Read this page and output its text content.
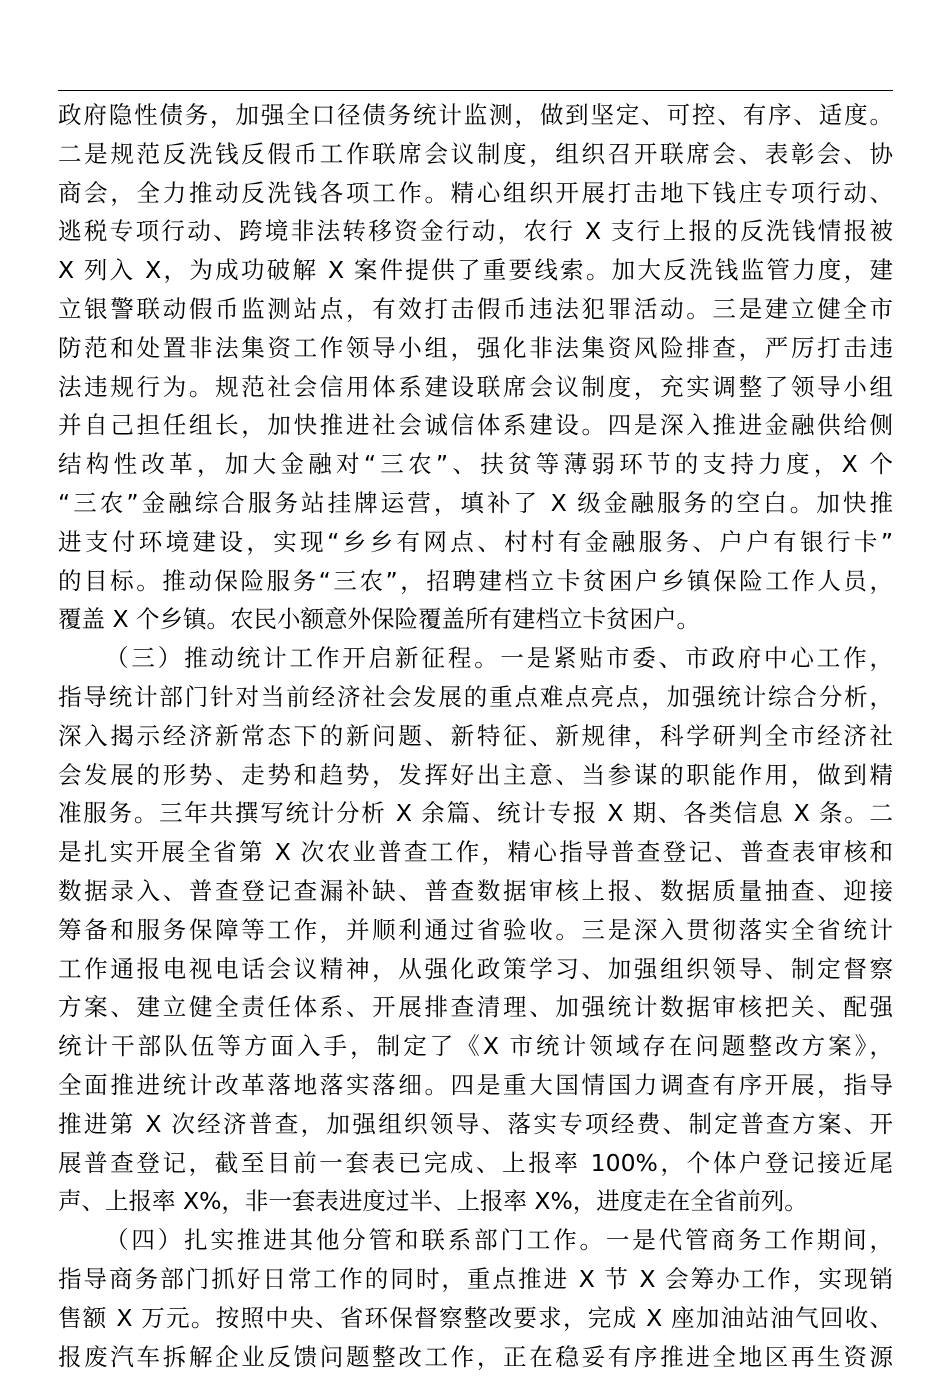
政府隐性债务，加强全口径债务统计监测，做到坚定、可控、有序、适度。
二是规范反洗钱反假币工作联席会议制度，组织召开联席会、表彰会、协
商会，全力推动反洗钱各项工作。精心组织开展打击地下钱庄专项行动、
逃税专项行动、跨境非法转移资金行动，农行 X 支行上报的反洗钱情报被
X 列入 X，为成功破解 X 案件提供了重要线索。加大反洗钱监管力度，建
立银警联动假币监测站点，有效打击假币违法犯罪活动。三是建立健全市
防范和处置非法集资工作领导小组，强化非法集资风险排查，严厉打击违
法违规行为。规范社会信用体系建设联席会议制度，充实调整了领导小组
并自己担任组长，加快推进社会诚信体系建设。四是深入推进金融供给侧
结构性改革，加大金融对“三农”、扶贫等薄弱环节的支持力度，X 个
“三农”金融综合服务站挂牌运营，填补了 X 级金融服务的空白。加快推
进支付环境建设，实现“乡乡有网点、村村有金融服务、户户有银行卡”
的目标。推动保险服务“三农”，招聘建档立卡贫困户乡镇保险工作人员，
覆盖 X 个乡镇。农民小额意外保险覆盖所有建档立卡贫困户。
（三）推动统计工作开启新征程。一是紧贴市委、市政府中心工作，
指导统计部门针对当前经济社会发展的重点难点亮点，加强统计综合分析，
深入揭示经济新常态下的新问题、新特征、新规律，科学研判全市经济社
会发展的形势、走势和趋势，发挥好出主意、当参谋的职能作用，做到精
准服务。三年共撰写统计分析 X 余篇、统计专报 X 期、各类信息 X 条。二
是扎实开展全省第 X 次农业普查工作，精心指导普查登记、普查表审核和
数据录入、普查登记查漏补缺、普查数据审核上报、数据质量抽查、迎接
筹备和服务保障等工作，并顺利通过省验收。三是深入贯彻落实全省统计
工作通报电视电话会议精神，从强化政策学习、加强组织领导、制定督察
方案、建立健全责任体系、开展排查清理、加强统计数据审核把关、配强
统计干部队伍等方面入手，制定了《X 市统计领域存在问题整改方案》，
全面推进统计改革落地落实落细。四是重大国情国力调查有序开展，指导
推进第 X 次经济普查，加强组织领导、落实专项经费、制定普查方案、开
展普查登记，截至目前一套表已完成、上报率 100%，个体户登记接近尾
声、上报率 X%，非一套表进度过半、上报率 X%，进度走在全省前列。
（四）扎实推进其他分管和联系部门工作。一是代管商务工作期间，
指导商务部门抓好日常工作的同时，重点推进 X 节 X 会筹办工作，实现销
售额 X 万元。按照中央、省环保督察整改要求，完成 X 座加油站油气回收、
报废汽车拆解企业反馈问题整改工作，正在稳妥有序推进全地区再生资源
